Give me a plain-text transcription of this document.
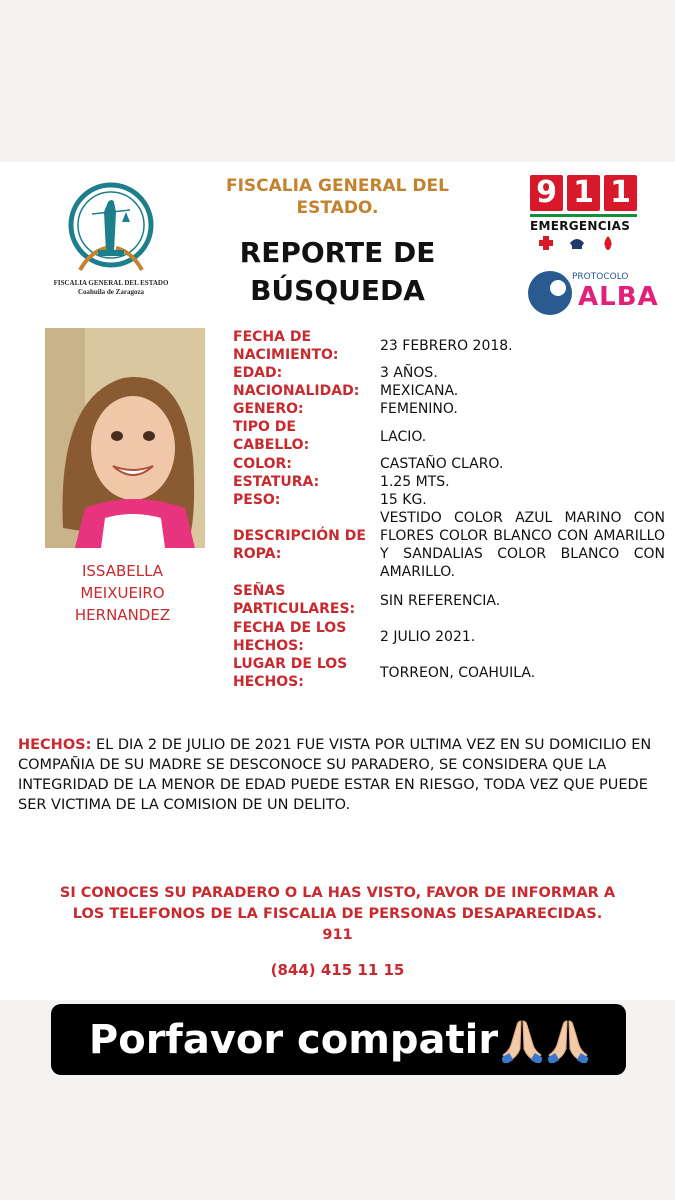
FISCALIA GENERAL DEL ESTADO
Coahuila de Zaragoza
FISCALIA GENERAL DEL
ESTADO.
REPORTE DE
BÚSQUEDA
9 1 1
EMERGENCIAS
PROTOCOLO
ALBA
ISSABELLA
MEIXUEIRO
HERNANDEZ
FECHA DE
NACIMIENTO:
23 FEBRERO 2018.
EDAD:	3 AÑOS.
NACIONALIDAD:	MEXICANA.
GENERO:	FEMENINO.
TIPO DE
CABELLO:	LACIO.
COLOR:	CASTAÑO CLARO.
ESTATURA:	1.25 MTS.
PESO:	15 KG.
DESCRIPCIÓN DE
ROPA:
VESTIDO COLOR AZUL MARINO CON FLORES COLOR BLANCO CON AMARILLO Y SANDALIAS COLOR BLANCO CON AMARILLO.
SEÑAS
PARTICULARES:	SIN REFERENCIA.
FECHA DE LOS
HECHOS:
2 JULIO 2021.
LUGAR DE LOS
HECHOS:
TORREON, COAHUILA.
HECHOS: EL DIA 2 DE JULIO DE 2021 FUE VISTA POR ULTIMA VEZ EN SU DOMICILIO EN COMPAÑIA DE SU MADRE SE DESCONOCE SU PARADERO, SE CONSIDERA QUE LA INTEGRIDAD DE LA MENOR DE EDAD PUEDE ESTAR EN RIESGO, TODA VEZ QUE PUEDE SER VICTIMA DE LA COMISION DE UN DELITO.
SI CONOCES SU PARADERO O LA HAS VISTO, FAVOR DE INFORMAR A
LOS TELEFONOS DE LA FISCALIA DE PERSONAS DESAPARECIDAS.
911
(844) 415 11 15
Porfavor compatir
